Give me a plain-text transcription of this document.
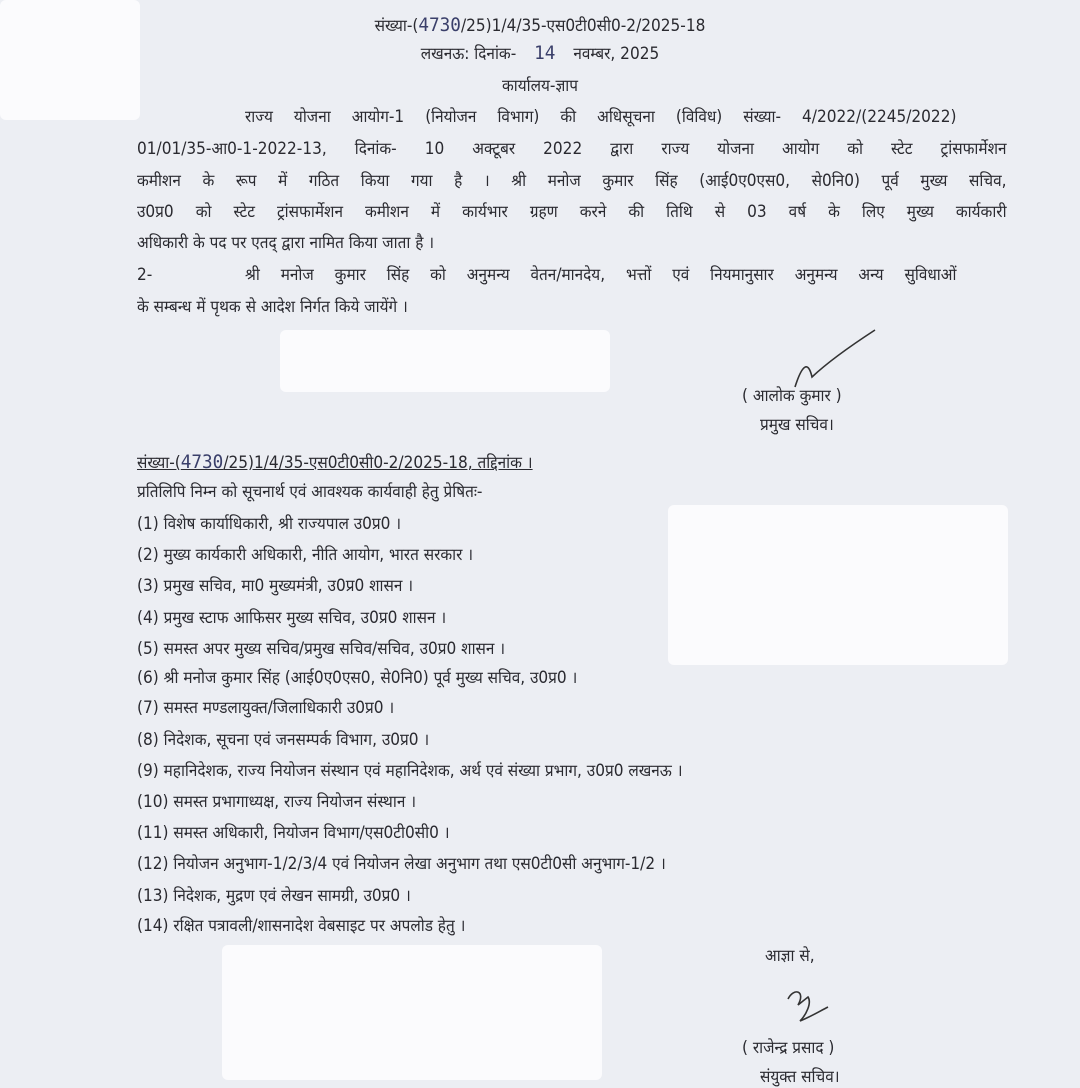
संख्या-(4730/25)1/4/35-एस0टी0सी0-2/2025-18
लखनऊ: दिनांक- 14 नवम्बर, 2025
कार्यालय-ज्ञाप
राज्य योजना आयोग-1 (नियोजन विभाग) की अधिसूचना (विविध) संख्या- 4/2022/(2245/2022)
01/01/35-आ0-1-2022-13, दिनांक- 10 अक्टूबर 2022 द्वारा राज्य योजना आयोग को स्टेट ट्रांसफार्मेशन
कमीशन के रूप में गठित किया गया है । श्री मनोज कुमार सिंह (आई0ए0एस0, से0नि0) पूर्व मुख्य सचिव,
उ0प्र0 को स्टेट ट्रांसफार्मेशन कमीशन में कार्यभार ग्रहण करने की तिथि से 03 वर्ष के लिए मुख्य कार्यकारी
अधिकारी के पद पर एतद् द्वारा नामित किया जाता है ।
2-	श्री मनोज कुमार सिंह को अनुमन्य वेतन/मानदेय, भत्तों एवं नियमानुसार अनुमन्य अन्य सुविधाओं
के सम्बन्ध में पृथक से आदेश निर्गत किये जायेंगे ।
( आलोक कुमार )
प्रमुख सचिव।
संख्या-(4730/25)1/4/35-एस0टी0सी0-2/2025-18, तद्दिनांक ।
प्रतिलिपि निम्न को सूचनार्थ एवं आवश्यक कार्यवाही हेतु प्रेषितः-
(1) विशेष कार्याधिकारी, श्री राज्यपाल उ0प्र0 ।
(2) मुख्य कार्यकारी अधिकारी, नीति आयोग, भारत सरकार ।
(3) प्रमुख सचिव, मा0 मुख्यमंत्री, उ0प्र0 शासन ।
(4) प्रमुख स्टाफ आफिसर मुख्य सचिव, उ0प्र0 शासन ।
(5) समस्त अपर मुख्य सचिव/प्रमुख सचिव/सचिव, उ0प्र0 शासन ।
(6) श्री मनोज कुमार सिंह (आई0ए0एस0, से0नि0) पूर्व मुख्य सचिव, उ0प्र0 ।
(7) समस्त मण्डलायुक्त/जिलाधिकारी उ0प्र0 ।
(8) निदेशक, सूचना एवं जनसम्पर्क विभाग, उ0प्र0 ।
(9) महानिदेशक, राज्य नियोजन संस्थान एवं महानिदेशक, अर्थ एवं संख्या प्रभाग, उ0प्र0 लखनऊ ।
(10) समस्त प्रभागाध्यक्ष, राज्य नियोजन संस्थान ।
(11) समस्त अधिकारी, नियोजन विभाग/एस0टी0सी0 ।
(12) नियोजन अनुभाग-1/2/3/4 एवं नियोजन लेखा अनुभाग तथा एस0टी0सी अनुभाग-1/2 ।
(13) निदेशक, मुद्रण एवं लेखन सामग्री, उ0प्र0 ।
(14) रक्षित पत्रावली/शासनादेश वेबसाइट पर अपलोड हेतु ।
आज्ञा से,
( राजेन्द्र प्रसाद )
संयुक्त सचिव।
